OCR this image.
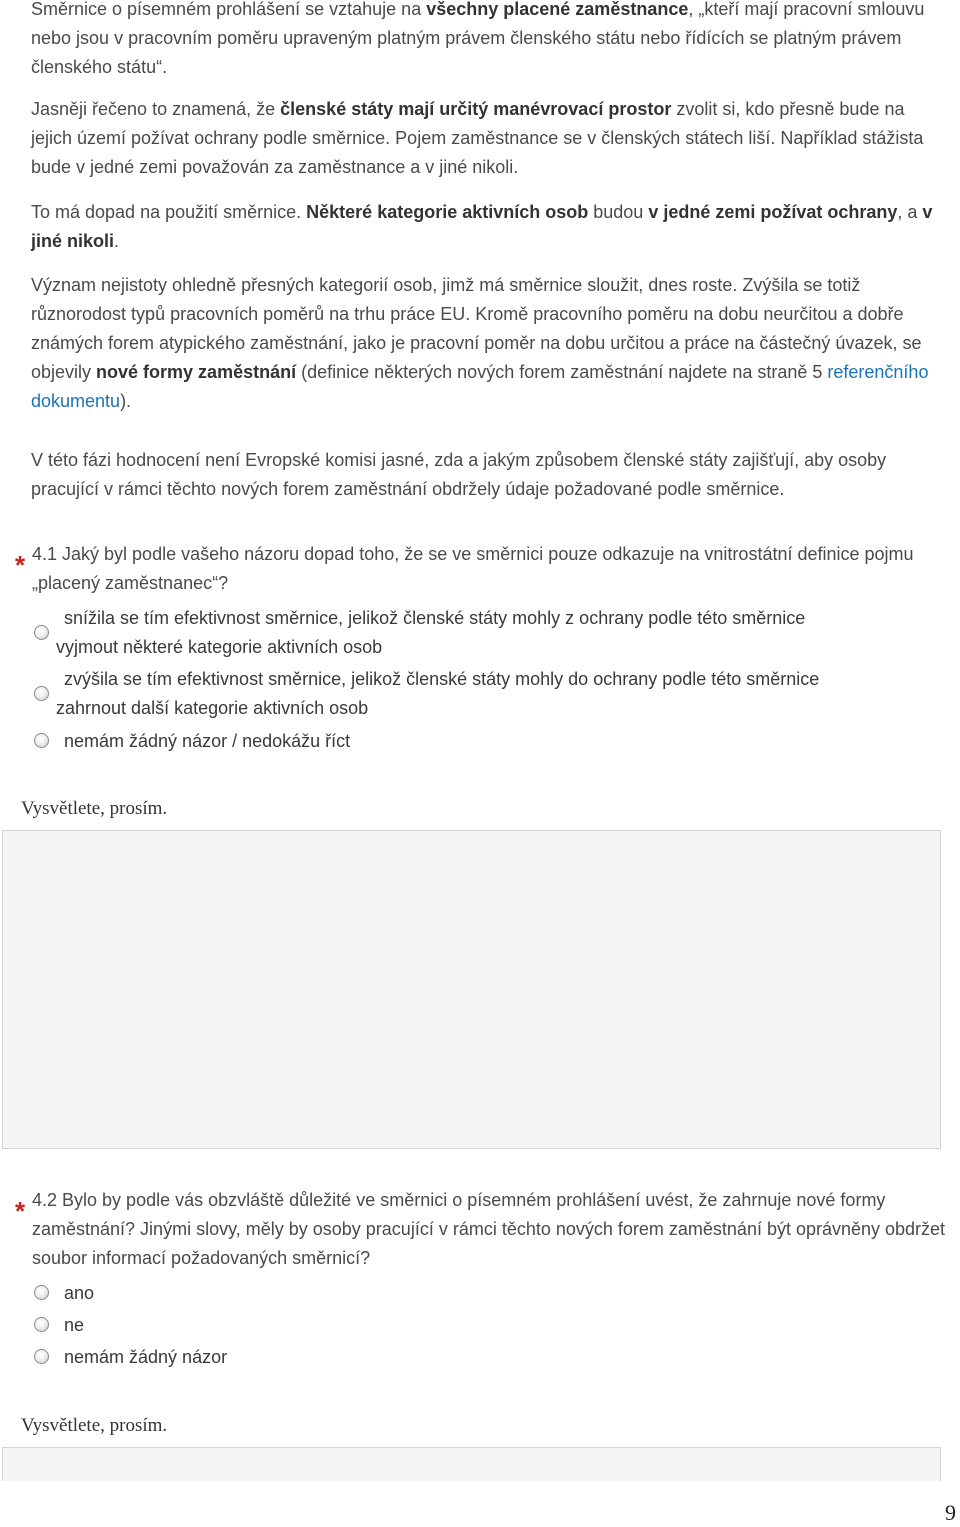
Směrnice o písemném prohlášení se vztahuje na všechny placené zaměstnance, „kteří mají pracovní smlouvu nebo jsou v pracovním poměru upraveným platným právem členského státu nebo řídících se platným právem členského státu“.

Jasněji řečeno to znamená, že členské státy mají určitý manévrovací prostor zvolit si, kdo přesně bude na jejich území požívat ochrany podle směrnice. Pojem zaměstnance se v členských státech liší. Například stážista bude v jedné zemi považován za zaměstnance a v jiné nikoli.

To má dopad na použití směrnice. Některé kategorie aktivních osob budou v jedné zemi požívat ochrany, a v jiné nikoli.

Význam nejistoty ohledně přesných kategorií osob, jimž má směrnice sloužit, dnes roste. Zvýšila se totiž různorodost typů pracovních poměrů na trhu práce EU. Kromě pracovního poměru na dobu neurčitou a dobře známých forem atypického zaměstnání, jako je pracovní poměr na dobu určitou a práce na částečný úvazek, se objevily nové formy zaměstnání (definice některých nových forem zaměstnání najdete na straně 5 referenčního dokumentu).

V této fázi hodnocení není Evropské komisi jasné, zda a jakým způsobem členské státy zajišťují, aby osoby pracující v rámci těchto nových forem zaměstnání obdržely údaje požadované podle směrnice.

* 4.1 Jaký byl podle vašeho názoru dopad toho, že se ve směrnici pouze odkazuje na vnitrostátní definice pojmu „placený zaměstnanec“?
snížila se tím efektivnost směrnice, jelikož členské státy mohly z ochrany podle této směrnice
vyjmout některé kategorie aktivních osob
zvýšila se tím efektivnost směrnice, jelikož členské státy mohly do ochrany podle této směrnice
zahrnout další kategorie aktivních osob
nemám žádný názor / nedokážu říct
Vysvětlete, prosím.
* 4.2 Bylo by podle vás obzvláště důležité ve směrnici o písemném prohlášení uvést, že zahrnuje nové formy zaměstnání? Jinými slovy, měly by osoby pracující v rámci těchto nových forem zaměstnání být oprávněny obdržet soubor informací požadovaných směrnicí?
ano
ne
nemám žádný názor
Vysvětlete, prosím.
9
